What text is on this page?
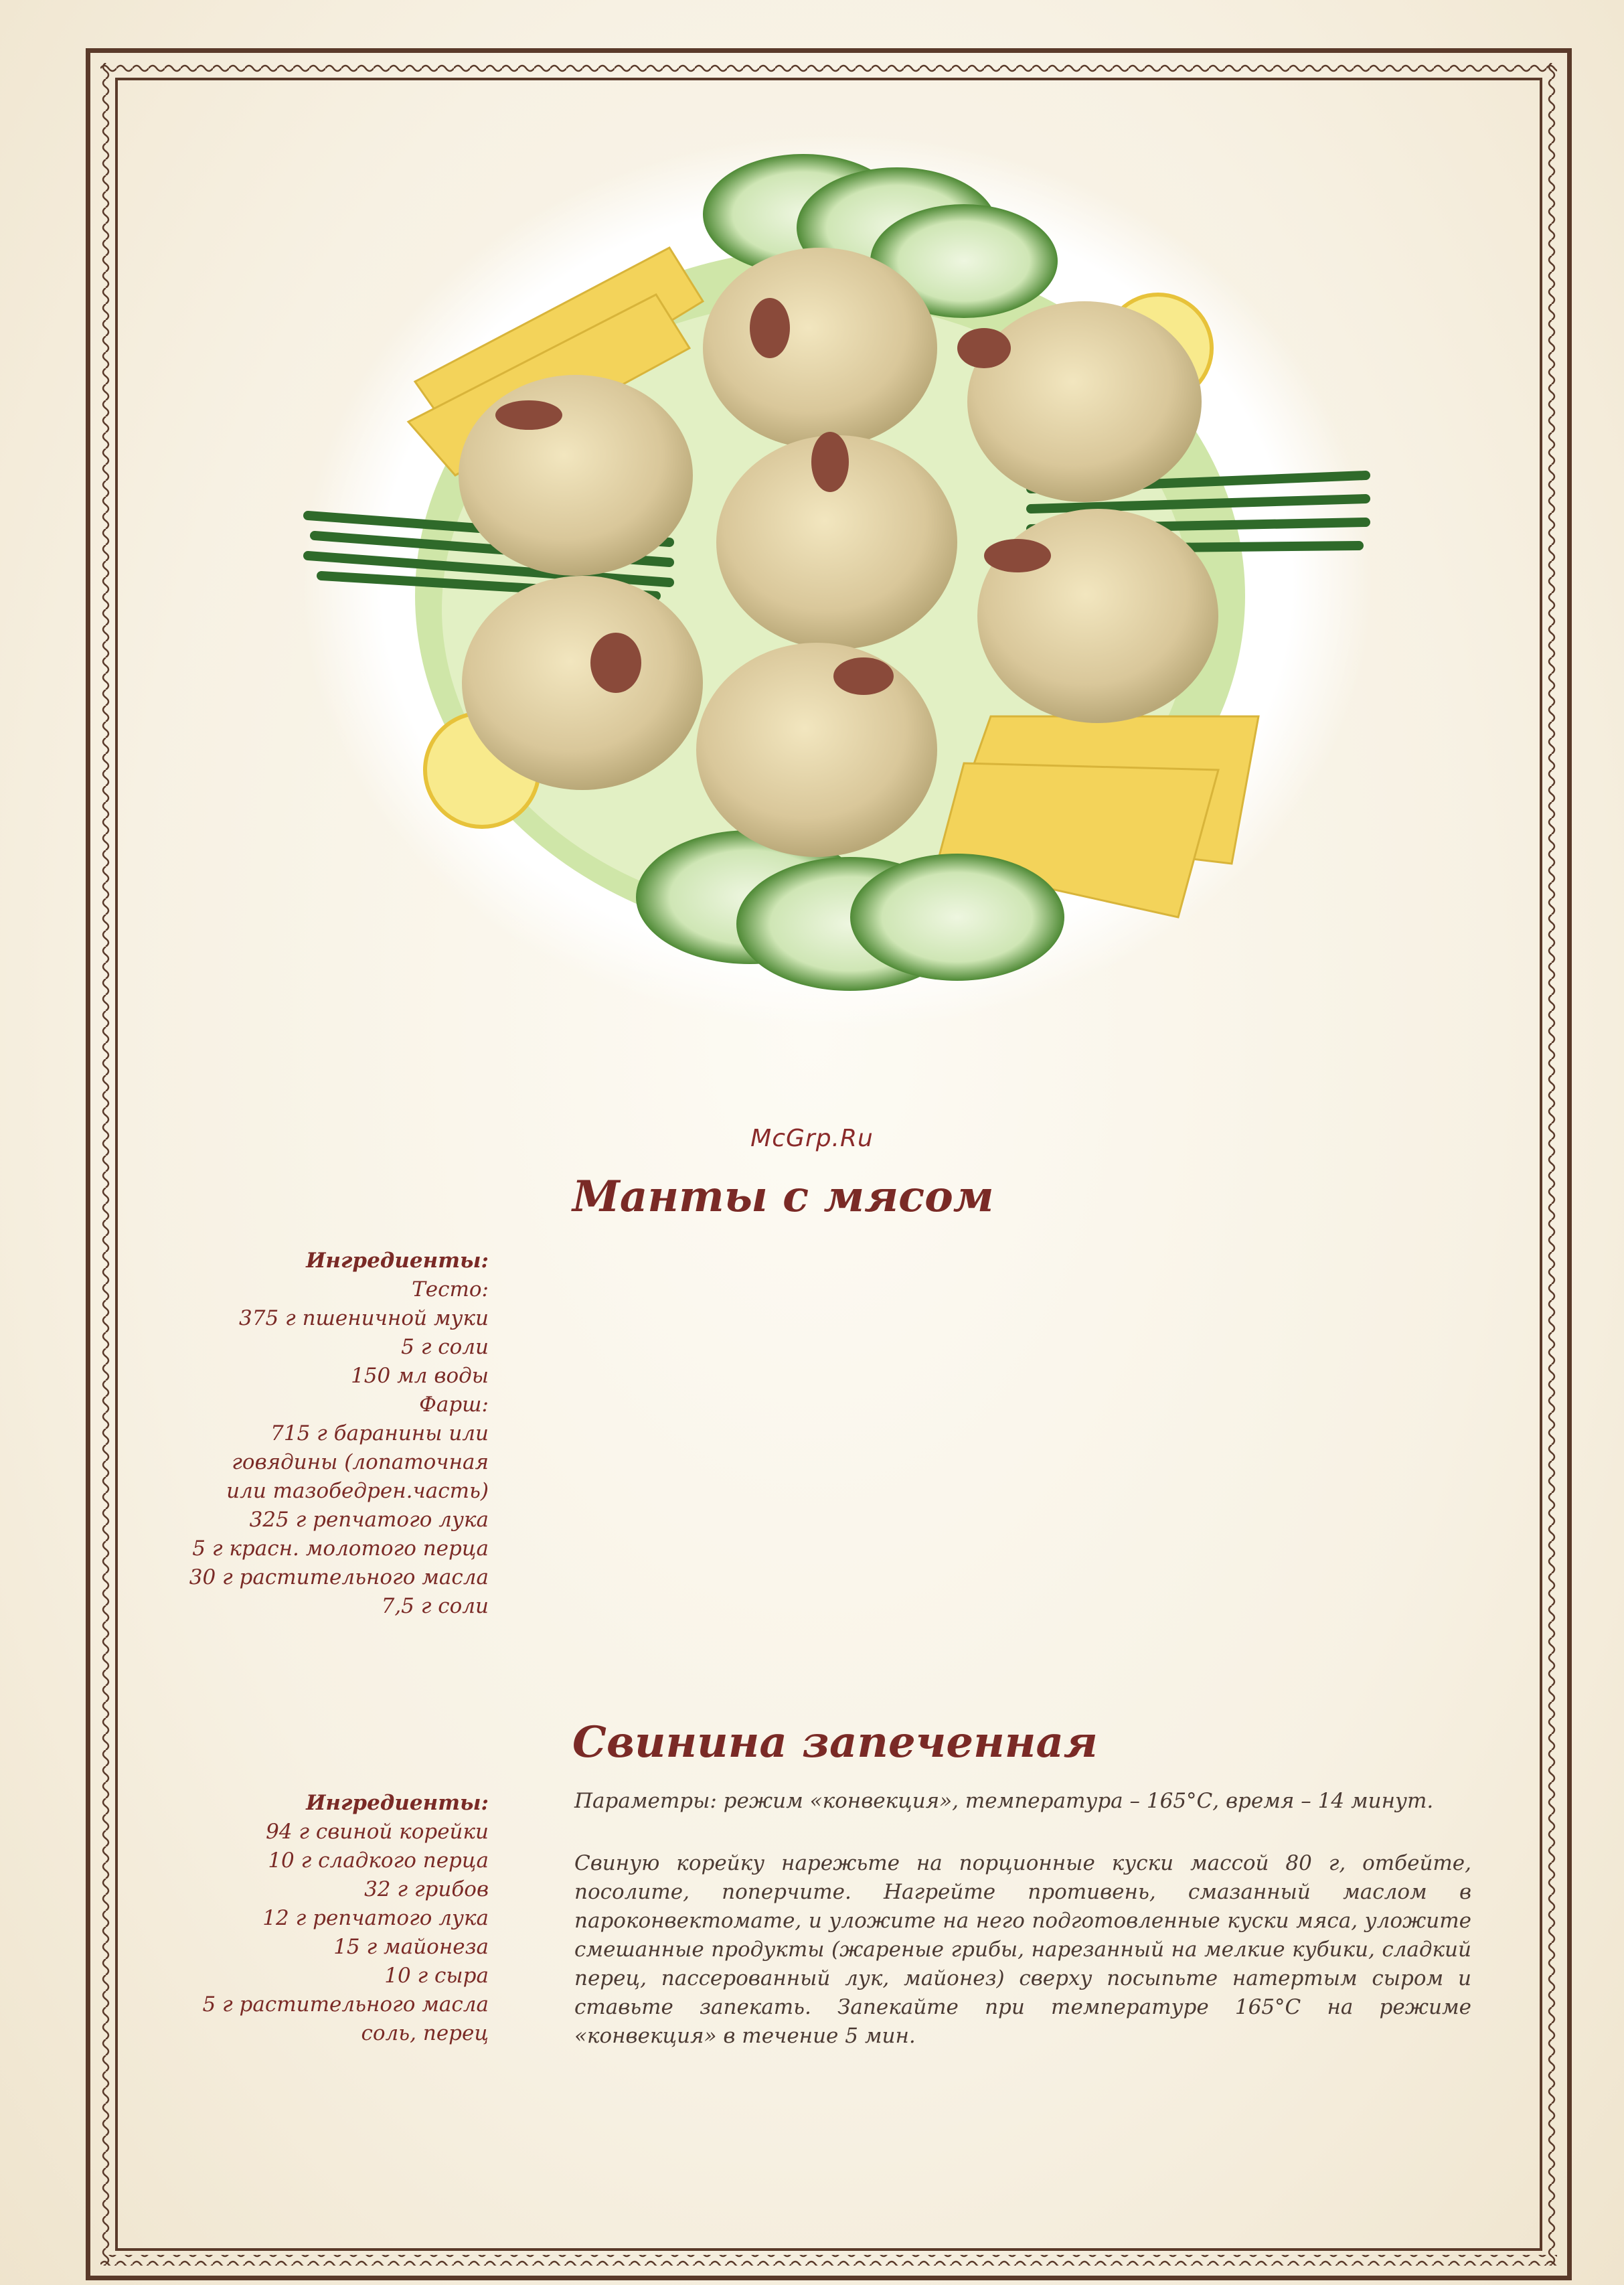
McGrp.Ru
Манты с мясом
Ингредиенты:
Тесто:
375 г пшеничной муки
5 г соли
150 мл воды
Фарш:
715 г баранины или
говядины (лопаточная
или тазобедрен.часть)
325 г репчатого лука
5 г красн. молотого перца
30 г растительного масла
7,5 г соли
Свинина запеченная
Ингредиенты:
94 г свиной корейки
10 г сладкого перца
32 г грибов
12 г репчатого лука
15 г майонеза
10 г сыра
5 г растительного масла
соль, перец
Параметры: режим «конвекция», температура – 165°С, время – 14 минут.
Свиную корейку нарежьте на порционные куски массой 80 г, отбейте, посолите, поперчите. Нагрейте противень, смазанный маслом в пароконвектомате, и уложите на него подготовленные куски мяса, уложите смешанные продукты (жареные грибы, нарезанный на мелкие кубики, сладкий перец, пассерованный лук, майонез) сверху посыпьте натертым сыром и ставьте запекать. Запекайте при температуре 165°С на режиме «конвекция» в течение 5 мин.
